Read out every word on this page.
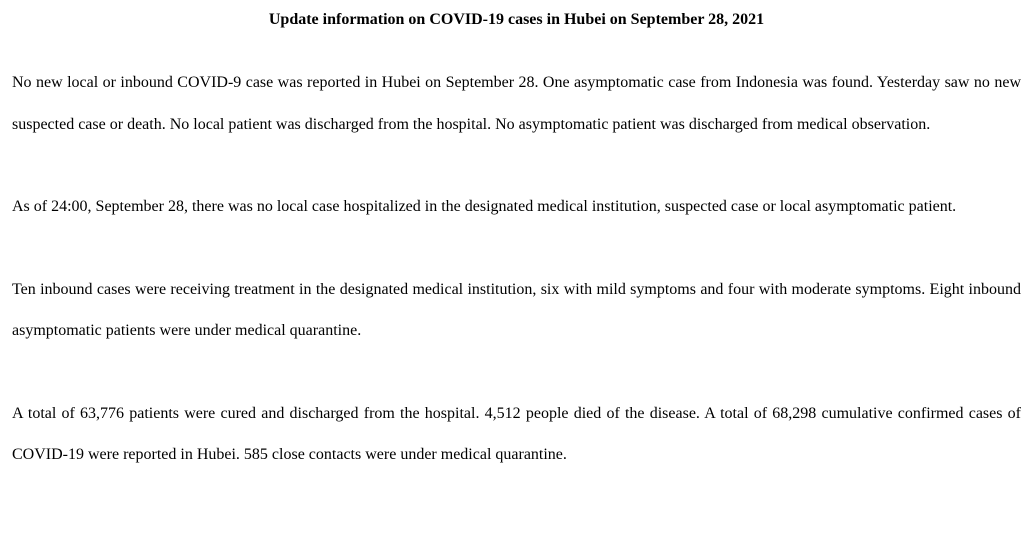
Update information on COVID-19 cases in Hubei on September 28, 2021

No new local or inbound COVID-9 case was reported in Hubei on September 28. One asymptomatic case from Indonesia was found. Yesterday saw no new suspected case or death. No local patient was discharged from the hospital. No asymptomatic patient was discharged from medical observation.

As of 24:00, September 28, there was no local case hospitalized in the designated medical institution, suspected case or local asymptomatic patient.

Ten inbound cases were receiving treatment in the designated medical institution, six with mild symptoms and four with moderate symptoms. Eight inbound asymptomatic patients were under medical quarantine.

A total of 63,776 patients were cured and discharged from the hospital. 4,512 people died of the disease. A total of 68,298 cumulative confirmed cases of COVID-19 were reported in Hubei. 585 close contacts were under medical quarantine.
